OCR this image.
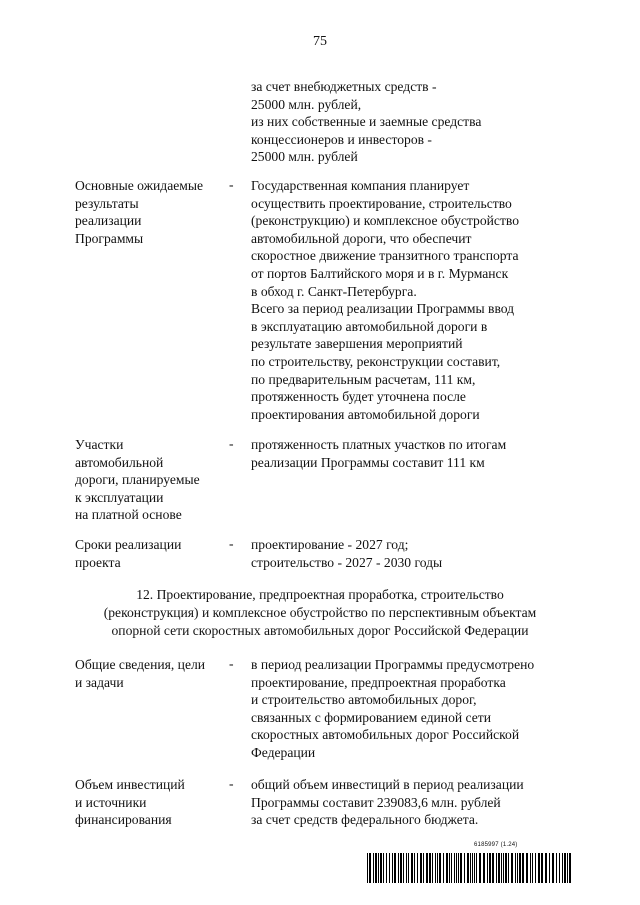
75
за счет внебюджетных средств -
25000 млн. рублей,
из них собственные и заемные средства
концессионеров и инвесторов -
25000 млн. рублей
Основные ожидаемые
результаты
реализации
Программы
- Государственная компания планирует
осуществить проектирование, строительство
(реконструкцию) и комплексное обустройство
автомобильной дороги, что обеспечит
скоростное движение транзитного транспорта
от портов Балтийского моря и в г. Мурманск
в обход г. Санкт-Петербурга.
Всего за период реализации Программы ввод
в эксплуатацию автомобильной дороги в
результате завершения мероприятий
по строительству, реконструкции составит,
по предварительным расчетам, 111 км,
протяженность будет уточнена после
проектирования автомобильной дороги
Участки
автомобильной
дороги, планируемые
к эксплуатации
на платной основе
- протяженность платных участков по итогам
реализации Программы составит 111 км
Сроки реализации
проекта
- проектирование - 2027 год;
строительство - 2027 - 2030 годы
12. Проектирование, предпроектная проработка, строительство
(реконструкция) и комплексное обустройство по перспективным объектам
опорной сети скоростных автомобильных дорог Российской Федерации
Общие сведения, цели
и задачи
- в период реализации Программы предусмотрено
проектирование, предпроектная проработка
и строительство автомобильных дорог,
связанных с формированием единой сети
скоростных автомобильных дорог Российской
Федерации
Объем инвестиций
и источники
финансирования
- общий объем инвестиций в период реализации
Программы составит 239083,6 млн. рублей
за счет средств федерального бюджета.
6185997 (1.24)
